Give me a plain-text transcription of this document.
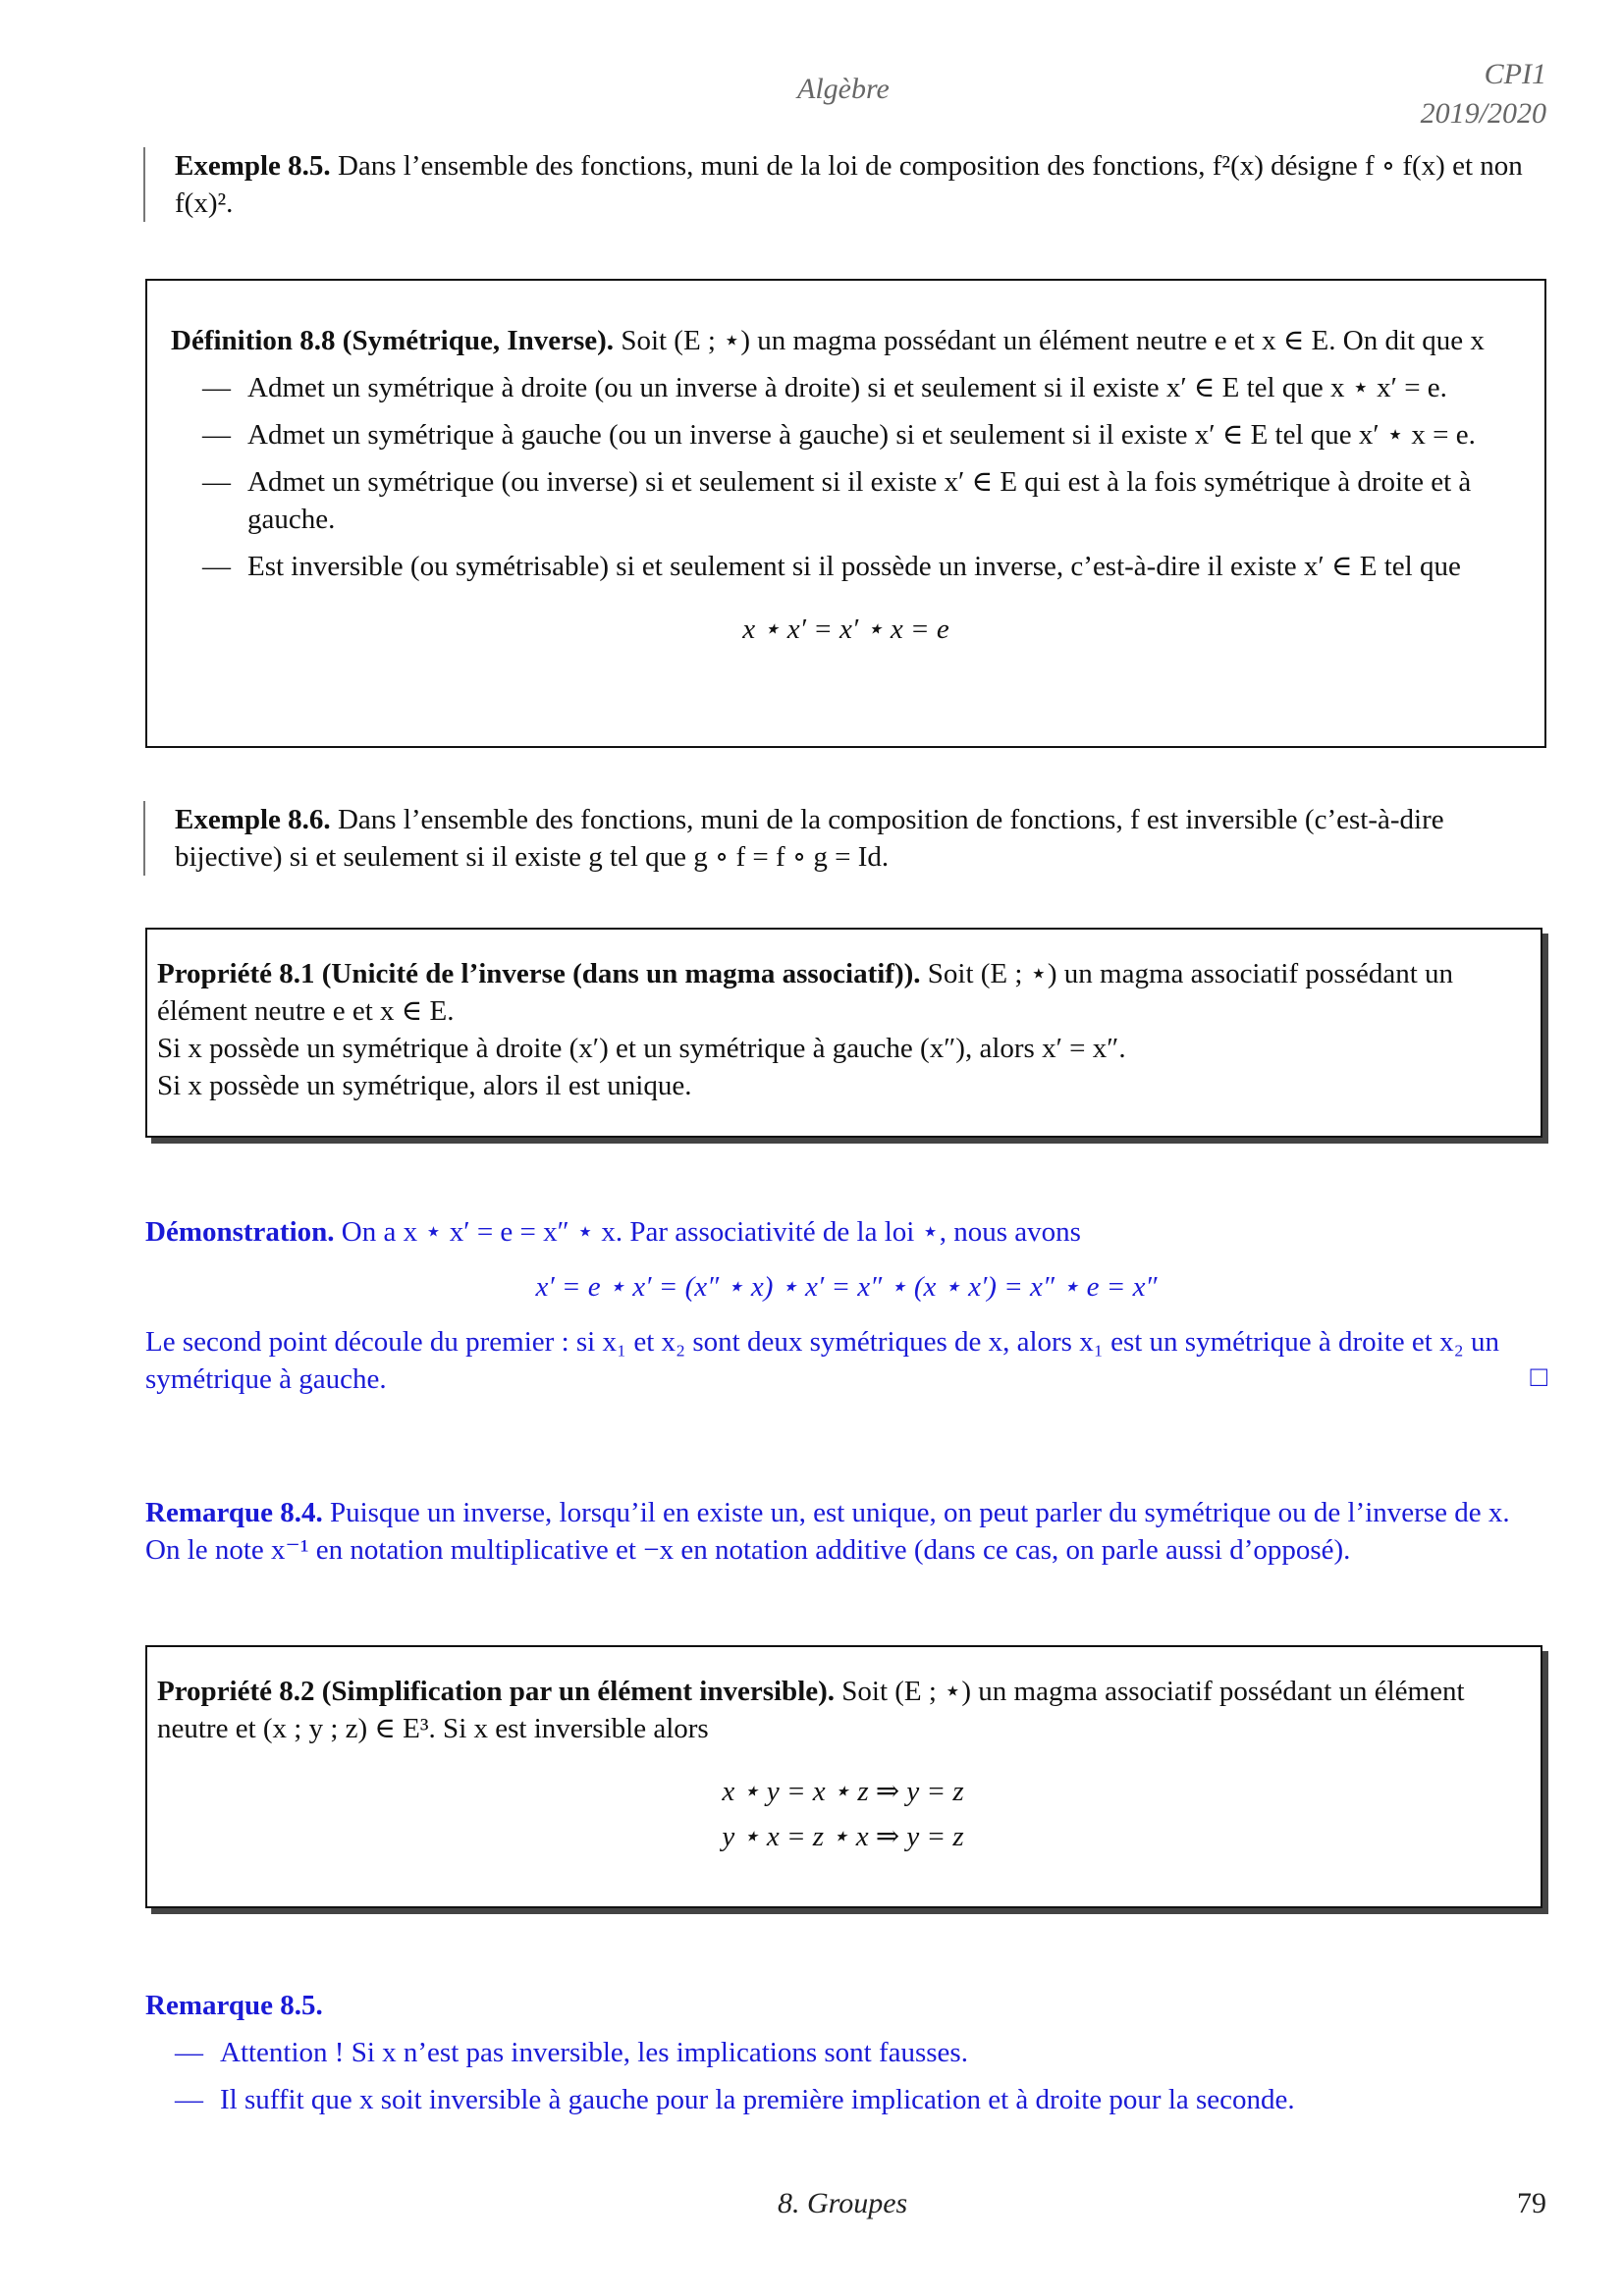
Algèbre	CPI1
2019/2020
Exemple 8.5. Dans l’ensemble des fonctions, muni de la loi de composition des fonctions, f²(x) désigne f ∘ f(x) et non f(x)².
Définition 8.8 (Symétrique, Inverse). Soit (E ; ⋆) un magma possédant un élément neutre e et x ∈ E. On dit que x
— Admet un symétrique à droite (ou un inverse à droite) si et seulement si il existe x′ ∈ E tel que x ⋆ x′ = e.
— Admet un symétrique à gauche (ou un inverse à gauche) si et seulement si il existe x′ ∈ E tel que x′ ⋆ x = e.
— Admet un symétrique (ou inverse) si et seulement si il existe x′ ∈ E qui est à la fois symétrique à droite et à gauche.
— Est inversible (ou symétrisable) si et seulement si il possède un inverse, c’est-à-dire il existe x′ ∈ E tel que
x ⋆ x′ = x′ ⋆ x = e
Exemple 8.6. Dans l’ensemble des fonctions, muni de la composition de fonctions, f est inversible (c’est-à-dire bijective) si et seulement si il existe g tel que g ∘ f = f ∘ g = Id.
Propriété 8.1 (Unicité de l’inverse (dans un magma associatif)). Soit (E ; ⋆) un magma associatif possédant un élément neutre e et x ∈ E.
Si x possède un symétrique à droite (x′) et un symétrique à gauche (x″), alors x′ = x″.
Si x possède un symétrique, alors il est unique.
Démonstration. On a x ⋆ x′ = e = x″ ⋆ x. Par associativité de la loi ⋆, nous avons
x′ = e ⋆ x′ = (x″ ⋆ x) ⋆ x′ = x″ ⋆ (x ⋆ x′) = x″ ⋆ e = x″
Le second point découle du premier : si x₁ et x₂ sont deux symétriques de x, alors x₁ est un symétrique à droite et x₂ un symétrique à gauche.	□
Remarque 8.4. Puisque un inverse, lorsqu’il en existe un, est unique, on peut parler du symétrique ou de l’inverse de x. On le note x⁻¹ en notation multiplicative et −x en notation additive (dans ce cas, on parle aussi d’opposé).
Propriété 8.2 (Simplification par un élément inversible). Soit (E ; ⋆) un magma associatif possédant un élément neutre et (x ; y ; z) ∈ E³. Si x est inversible alors
x ⋆ y = x ⋆ z ⇒ y = z
y ⋆ x = z ⋆ x ⇒ y = z
Remarque 8.5.
— Attention ! Si x n’est pas inversible, les implications sont fausses.
— Il suffit que x soit inversible à gauche pour la première implication et à droite pour la seconde.
8. Groupes	79
